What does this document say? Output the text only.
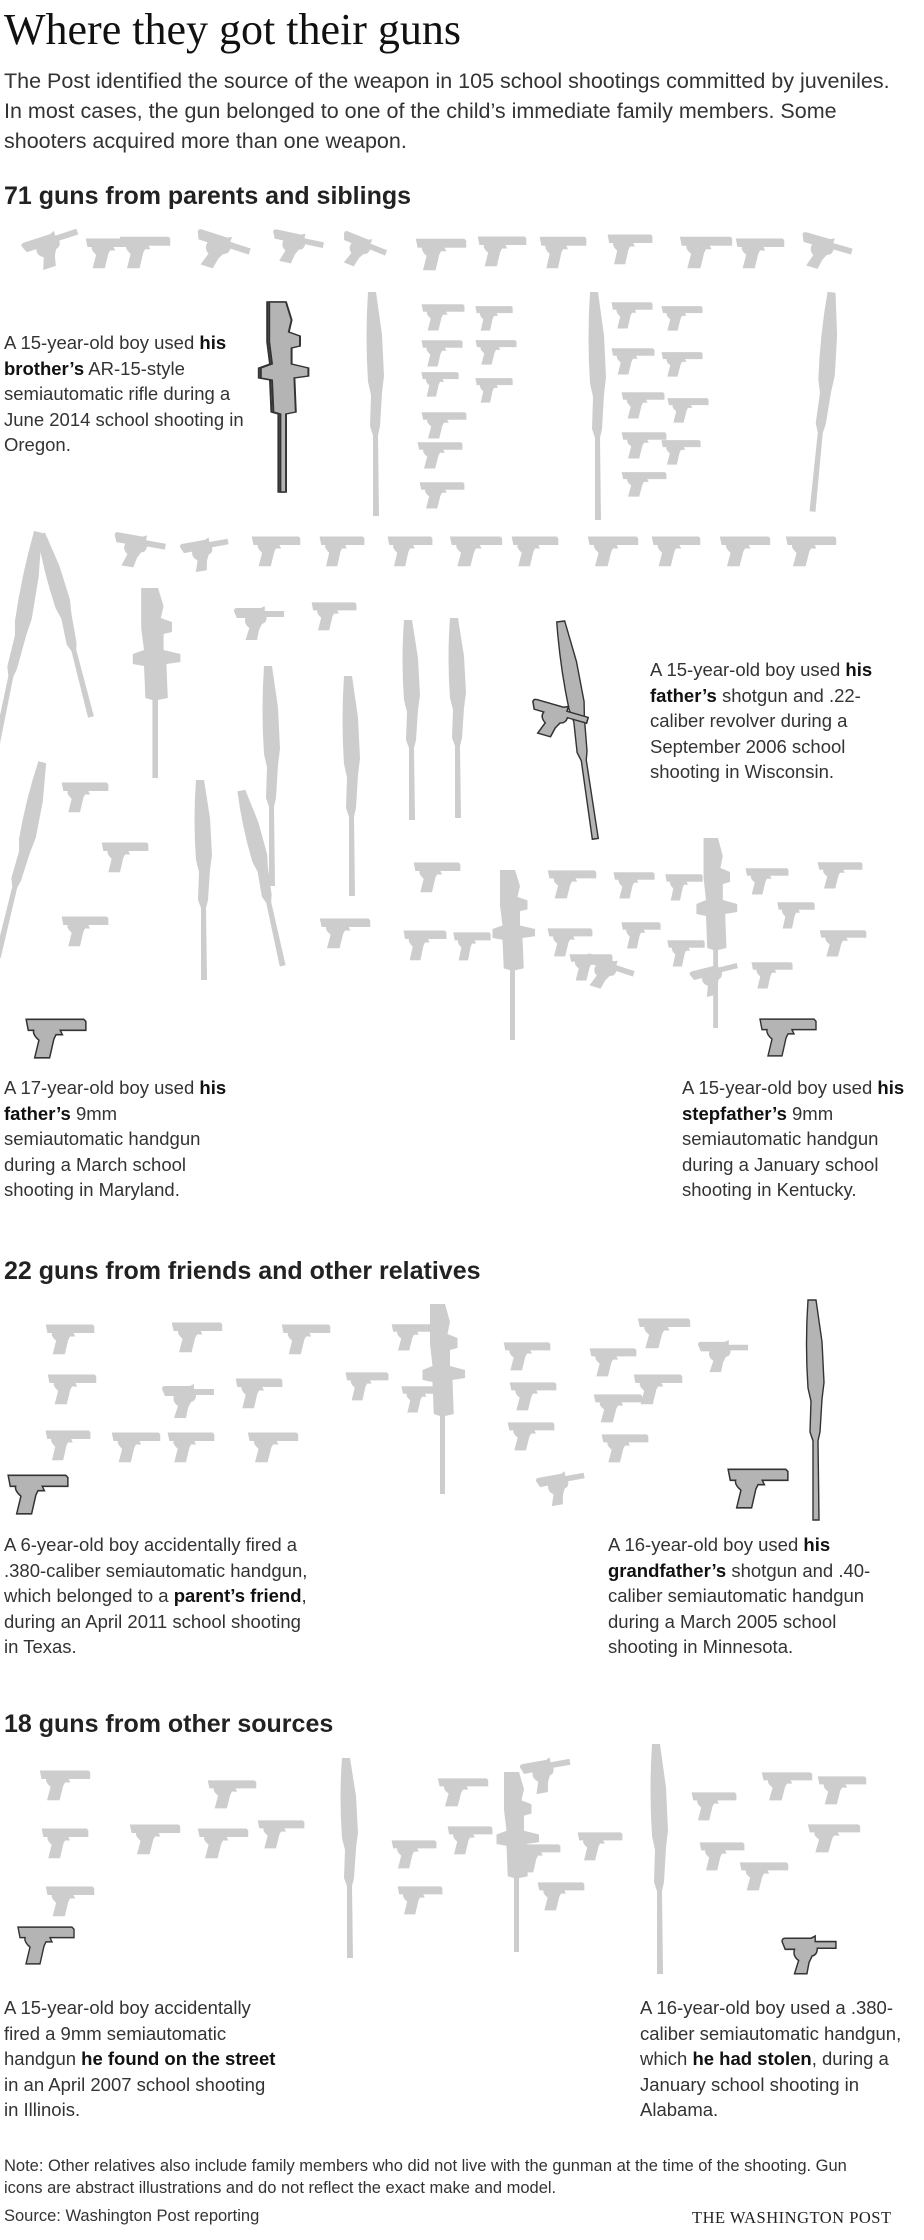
Where they got their guns
The Post identified the source of the weapon in 105 school shootings committed by juveniles. In most cases, the gun belonged to one of the child’s immediate family members. Some shooters acquired more than one weapon.
71 guns from parents and siblings
A 15-year-old boy used his brother’s AR-15-style semiautomatic rifle during a June 2014 school shooting in Oregon.
A 15-year-old boy used his father’s shotgun and .22-caliber revolver during a September 2006 school shooting in Wisconsin.
A 17-year-old boy used his father’s 9mm semiautomatic handgun during a March school shooting in Maryland.
A 15-year-old boy used his stepfather’s 9mm semiautomatic handgun during a January school shooting in Kentucky.
22 guns from friends and other relatives
A 6-year-old boy accidentally fired a .380-caliber semiautomatic handgun, which belonged to a parent’s friend, during an April 2011 school shooting in Texas.
A 16-year-old boy used his grandfather’s shotgun and .40-caliber semiautomatic handgun during a March 2005 school shooting in Minnesota.
18 guns from other sources
A 15-year-old boy accidentally fired a 9mm semiautomatic handgun he found on the street in an April 2007 school shooting in Illinois.
A 16-year-old boy used a .380-caliber semiautomatic handgun, which he had stolen, during a January school shooting in Alabama.
Note: Other relatives also include family members who did not live with the gunman at the time of the shooting. Gun icons are abstract illustrations and do not reflect the exact make and model.
Source: Washington Post reporting	THE WASHINGTON POST
